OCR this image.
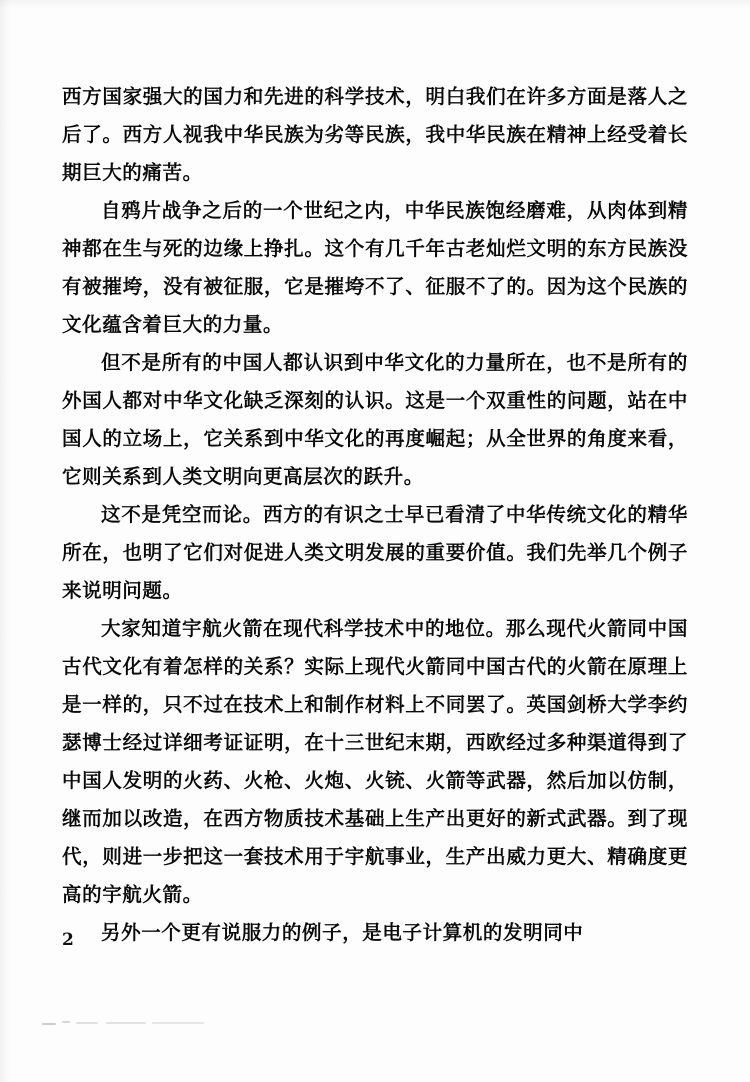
西方国家强大的国力和先进的科学技术，明白我们在许多方面是落人之后了。西方人视我中华民族为劣等民族，我中华民族在精神上经受着长期巨大的痛苦。

自鸦片战争之后的一个世纪之内，中华民族饱经磨难，从肉体到精神都在生与死的边缘上挣扎。这个有几千年古老灿烂文明的东方民族没有被摧垮，没有被征服，它是摧垮不了、征服不了的。因为这个民族的文化蕴含着巨大的力量。

但不是所有的中国人都认识到中华文化的力量所在，也不是所有的外国人都对中华文化缺乏深刻的认识。这是一个双重性的问题，站在中国人的立场上，它关系到中华文化的再度崛起；从全世界的角度来看，它则关系到人类文明向更高层次的跃升。

这不是凭空而论。西方的有识之士早已看清了中华传统文化的精华所在，也明了它们对促进人类文明发展的重要价值。我们先举几个例子来说明问题。

大家知道宇航火箭在现代科学技术中的地位。那么现代火箭同中国古代文化有着怎样的关系？实际上现代火箭同中国古代的火箭在原理上是一样的，只不过在技术上和制作材料上不同罢了。英国剑桥大学李约瑟博士经过详细考证证明，在十三世纪末期，西欧经过多种渠道得到了中国人发明的火药、火枪、火炮、火铳、火箭等武器，然后加以仿制，继而加以改造，在西方物质技术基础上生产出更好的新式武器。到了现代，则进一步把这一套技术用于宇航事业，生产出威力更大、精确度更高的宇航火箭。

另外一个更有说服力的例子，是电子计算机的发明同中

2
